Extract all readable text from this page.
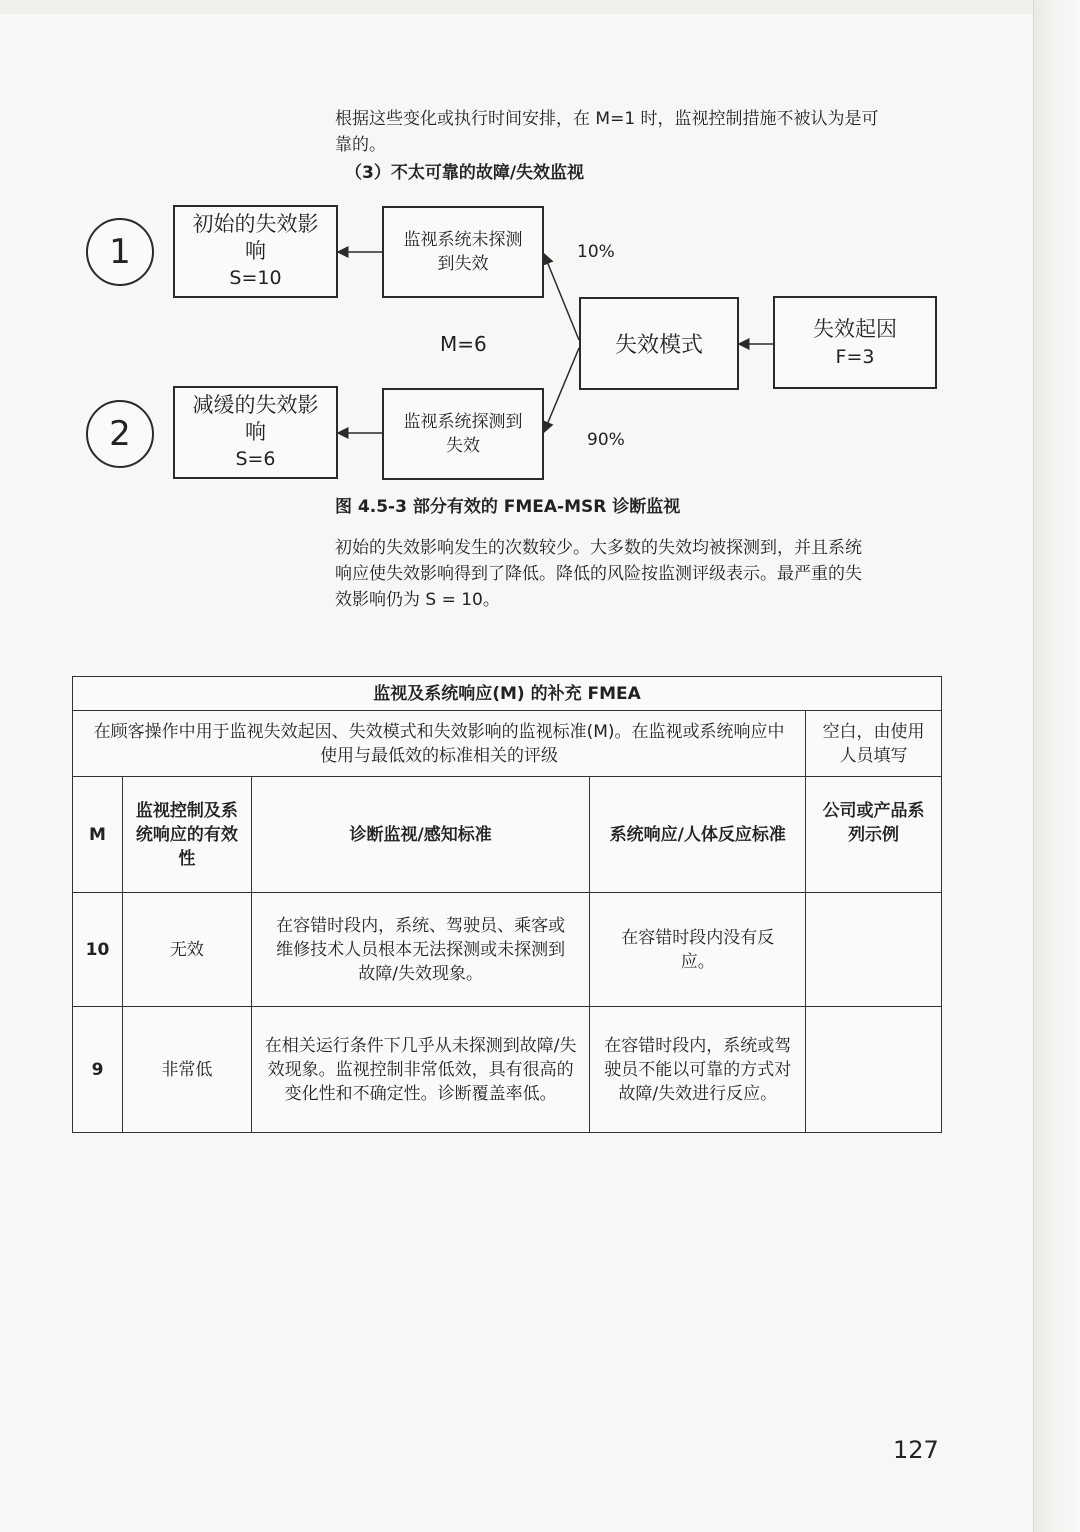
根据这些变化或执行时间安排，在 M=1 时，监视控制措施不被认为是可
靠的。
（3）不太可靠的故障/失效监视
1
2
初始的失效影
响
S=10
减缓的失效影
响
S=6
监视系统未探测
到失效
监视系统探测到
失效
失效模式
失效起因
F=3
10%
90%
M=6
图 4.5-3 部分有效的 FMEA-MSR 诊断监视
初始的失效影响发生的次数较少。大多数的失效均被探测到，并且系统
响应使失效影响得到了降低。降低的风险按监测评级表示。最严重的失
效影响仍为 S = 10。
监视及系统响应(M) 的补充 FMEA				
在顾客操作中用于监视失效起因、失效模式和失效影响的监视标准(M)。在监视或系统响应中使用与最低效的标准相关的评级				空白，由使用人员填写
M	监视控制及系统响应的有效性	诊断监视/感知标准	系统响应/人体反应标准	公司或产品系列示例
10	无效	在容错时段内，系统、驾驶员、乘客或维修技术人员根本无法探测或未探测到故障/失效现象。	在容错时段内没有反应。	
9	非常低	在相关运行条件下几乎从未探测到故障/失效现象。监视控制非常低效，具有很高的变化性和不确定性。诊断覆盖率低。	在容错时段内，系统或驾驶员不能以可靠的方式对故障/失效进行反应。	
127
